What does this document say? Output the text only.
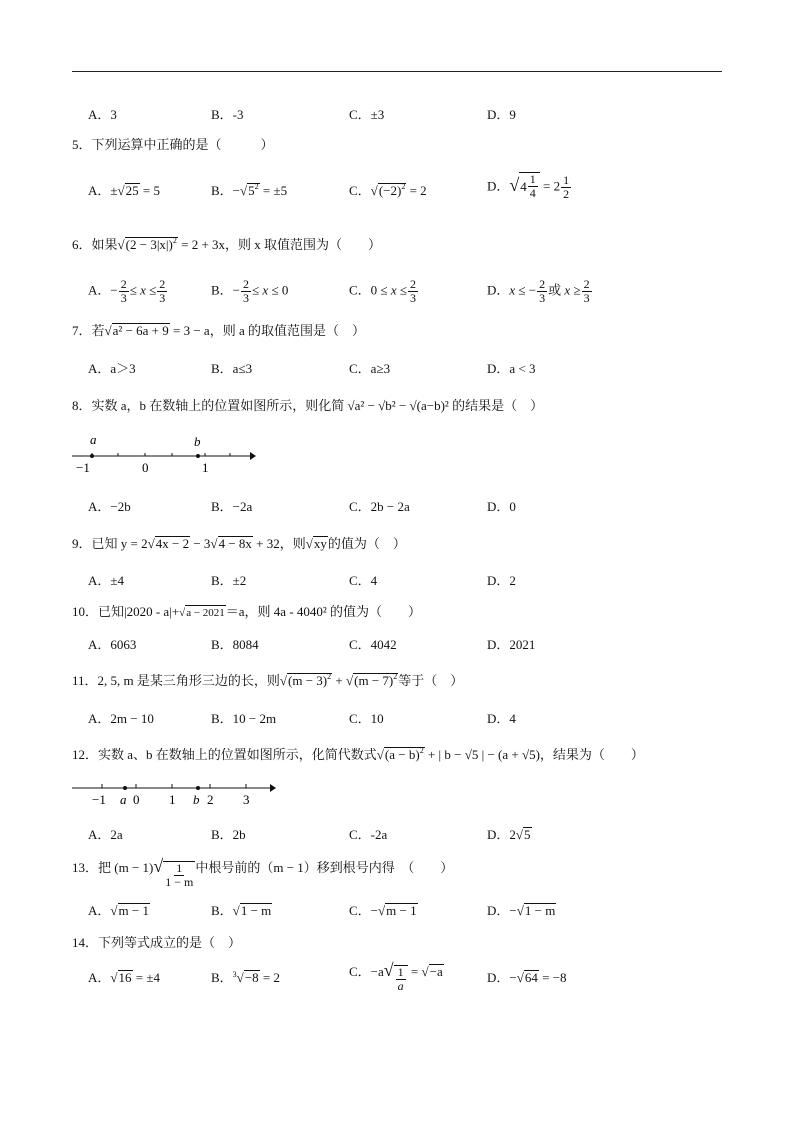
A．3	B．-3	C．±3	D．9
5．下列运算中正确的是（　　　）
A．±√25 = 5	B．$-√5^2 = \pm 5$	C．$√(-2)^2 = 2$	D．√ $4 \frac{1}{4} = 2 \frac{1}{2}$
6．如果$√(2 - 3|x|)^2 = 2 + 3x$，则 x 取值范围为（　　）
A．− $\frac{2}{3} \le x \le \frac{2}{3}$	B．− $\frac{2}{3} \le x \le 0$	C．$0 \le x \le \frac{2}{3}$	D．x ≤ − $\frac{2}{3}$ 或 $x \ge \frac{2}{3}$
7．若√a² − 6a + 9 = 3 − a，则 a 的取值范围是（　）
A．a＞3	B．a≤3	C．a≥3	D．a < 3
8．实数 a，b 在数轴上的位置如图所示，则化简 √a² − √b² − √(a−b)² 的结果是（　）
a	b
−1	0	1
A．−2b	B．−2a	C．2b − 2a	D．0
9．已知 y = 2√4x − 2 − 3√4 − 8x + 32，则√xy的值为（　）
A．±4	B．±2	C．4	D．2
10．已知|2020 ‑ a|+√a − 2021＝a，则 4a ‑ 4040² 的值为（　　）
A．6063	B．8084	C．4042	D．2021
11．2, 5, m 是某三角形三边的长，则$√(m - 3)^2 + √(m - 7)^2$等于（　）
A．2m − 10	B．10 − 2m	C．10	D．4
12．实数 a、b 在数轴上的位置如图所示，化简代数式$√(a - b)^2$ + | b − √5 | − (a + √5)，结果为（　　）
−1 a 0 1 b 2 3
A．2a	B．2b	C．‑2a	D．2√5
13．把 $(m - 1)√ \frac{1}{1 - m}$ 中根号前的（m − 1）移到根号内得　（　　）
A．√m − 1	B．√1 − m	C．−√m − 1	D．−√1 − m
14．下列等式成立的是（　）
A．√16 = ±4	B．$^3$√−8 = 2	C．$-a√ \frac{1}{a} = √-a$	D．−√64 = −8
